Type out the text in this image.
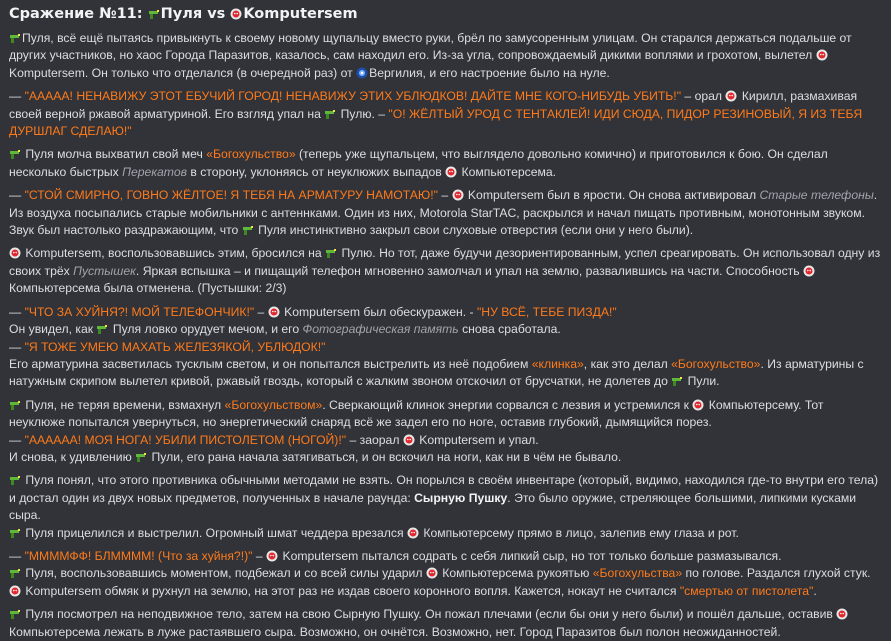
Сражение №11:
Пуля vs
Komputersem

Пуля, всё ещё пытаясь привыкнуть к своему новому щупальцу вместо руки, брёл по замусоренным улицам. Он старался держаться подальше от других участников, но хаос Города Паразитов, казалось, сам находил его. Из-за угла, сопровождаемый дикими воплями и грохотом, вылетел
Komputersem. Он только что отделался (в очередной раз) от
Вергилия, и его настроение было на нуле.

— "ААААА! НЕНАВИЖУ ЭТОТ ЕБУЧИЙ ГОРОД! НЕНАВИЖУ ЭТИХ УБЛЮДКОВ! ДАЙТЕ МНЕ КОГО-НИБУДЬ УБИТЬ!" – орал
Кирилл, размахивая своей верной ржавой арматуриной. Его взгляд упал на
Пулю. – "О! ЖЁЛТЫЙ УРОД С ТЕНТАКЛЕЙ! ИДИ СЮДА, ПИДОР РЕЗИНОВЫЙ, Я ИЗ ТЕБЯ ДУРШЛАГ СДЕЛАЮ!"

Пуля молча выхватил свой меч «Богохульство» (теперь уже щупальцем, что выглядело довольно комично) и приготовился к бою. Он сделал несколько быстрых Перекатов в сторону, уклоняясь от неуклюжих выпадов
Компьютерсема.

— "СТОЙ СМИРНО, ГОВНО ЖЁЛТОЕ! Я ТЕБЯ НА АРМАТУРУ НАМОТАЮ!" –
Komputersem был в ярости. Он снова активировал Старые телефоны.

Из воздуха посыпались старые мобильники с антеннками. Один из них, Motorola StarTAC, раскрылся и начал пищать противным, монотонным звуком. Звук был настолько раздражающим, что
Пуля инстинктивно закрыл свои слуховые отверстия (если они у него были).

Komputersem, воспользовавшись этим, бросился на
Пулю. Но тот, даже будучи дезориентированным, успел среагировать. Он использовал одну из своих трёх Пустышек. Яркая вспышка – и пищащий телефон мгновенно замолчал и упал на землю, развалившись на части. Способность
Компьютерсема была отменена. (Пустышки: 2/3)

— "ЧТО ЗА ХУЙНЯ?! МОЙ ТЕЛЕФОНЧИК!" –
Komputersem был обескуражен. - "НУ ВСЁ, ТЕБЕ ПИЗДА!"

Он увидел, как
Пуля ловко орудует мечом, и его Фотографическая память снова сработала.

— "Я ТОЖЕ УМЕЮ МАХАТЬ ЖЕЛЕЗЯКОЙ, УБЛЮДОК!"

Его арматурина засветилась тусклым светом, и он попытался выстрелить из неё подобием «клинка», как это делал «Богохульство». Из арматурины с натужным скрипом вылетел кривой, ржавый гвоздь, который с жалким звоном отскочил от брусчатки, не долетев до
Пули.

Пуля, не теряя времени, взмахнул «Богохульством». Сверкающий клинок энергии сорвался с лезвия и устремился к
Компьютерсему. Тот неуклюже попытался увернуться, но энергетический снаряд всё же задел его по ноге, оставив глубокий, дымящийся порез.

— "АААААА! МОЯ НОГА! УБИЛИ ПИСТОЛЕТОМ (НОГОЙ)!" – заорал
Komputersem и упал.

И снова, к удивлению
Пули, его рана начала затягиваться, и он вскочил на ноги, как ни в чём не бывало.

Пуля понял, что этого противника обычными методами не взять. Он порылся в своём инвентаре (который, видимо, находился где-то внутри его тела) и достал один из двух новых предметов, полученных в начале раунда: Сырную Пушку. Это было оружие, стреляющее большими, липкими кусками сыра.

Пуля прицелился и выстрелил. Огромный шмат чеддера врезался
Компьютерсему прямо в лицо, залепив ему глаза и рот.

— "ММММФФ! БЛММММ! (Что за хуйня?!)" –
Komputersem пытался содрать с себя липкий сыр, но тот только больше размазывался.

Пуля, воспользовавшись моментом, подбежал и со всей силы ударил
Компьютерсема рукоятью «Богохульства» по голове. Раздался глухой стук.

Komputersem обмяк и рухнул на землю, на этот раз не издав своего коронного вопля. Кажется, нокаут не считался "смертью от пистолета".

Пуля посмотрел на неподвижное тело, затем на свою Сырную Пушку. Он пожал плечами (если бы они у него были) и пошёл дальше, оставив
Компьютерсема лежать в луже растаявшего сыра. Возможно, он очнётся. Возможно, нет. Город Паразитов был полон неожиданностей.
